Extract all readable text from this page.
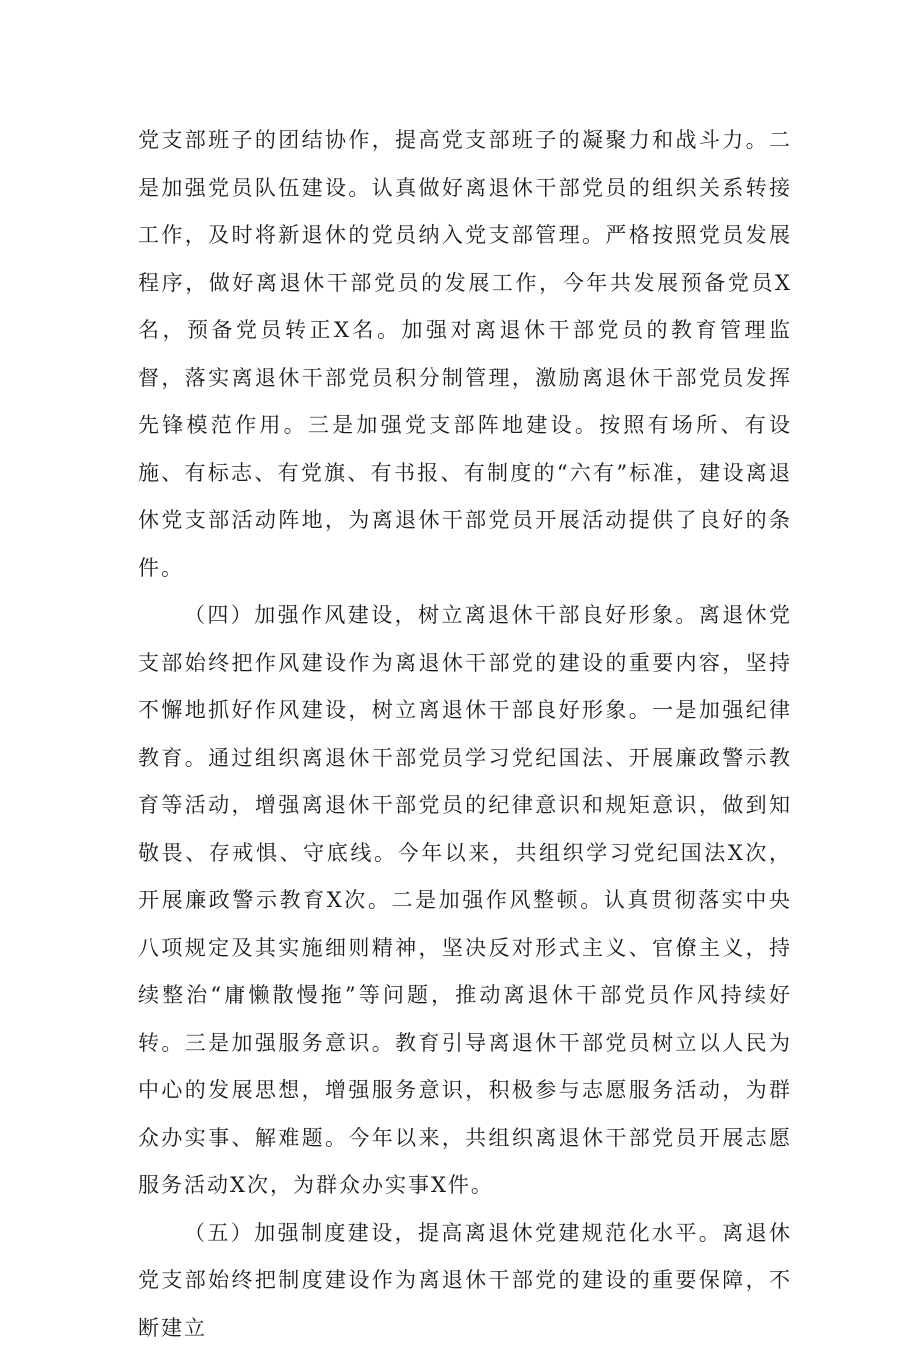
党支部班子的团结协作，提高党支部班子的凝聚力和战斗力。二是加强党员队伍建设。认真做好离退休干部党员的组织关系转接工作，及时将新退休的党员纳入党支部管理。严格按照党员发展程序，做好离退休干部党员的发展工作，今年共发展预备党员X名，预备党员转正X名。加强对离退休干部党员的教育管理监督，落实离退休干部党员积分制管理，激励离退休干部党员发挥先锋模范作用。三是加强党支部阵地建设。按照有场所、有设施、有标志、有党旗、有书报、有制度的“六有”标准，建设离退休党支部活动阵地，为离退休干部党员开展活动提供了良好的条件。

（四）加强作风建设，树立离退休干部良好形象。离退休党支部始终把作风建设作为离退休干部党的建设的重要内容，坚持不懈地抓好作风建设，树立离退休干部良好形象。一是加强纪律教育。通过组织离退休干部党员学习党纪国法、开展廉政警示教育等活动，增强离退休干部党员的纪律意识和规矩意识，做到知敬畏、存戒惧、守底线。今年以来，共组织学习党纪国法X次，开展廉政警示教育X次。二是加强作风整顿。认真贯彻落实中央八项规定及其实施细则精神，坚决反对形式主义、官僚主义，持续整治“庸懒散慢拖”等问题，推动离退休干部党员作风持续好转。三是加强服务意识。教育引导离退休干部党员树立以人民为中心的发展思想，增强服务意识，积极参与志愿服务活动，为群众办实事、解难题。今年以来，共组织离退休干部党员开展志愿服务活动X次，为群众办实事X件。

（五）加强制度建设，提高离退休党建规范化水平。离退休党支部始终把制度建设作为离退休干部党的建设的重要保障，不断建立
